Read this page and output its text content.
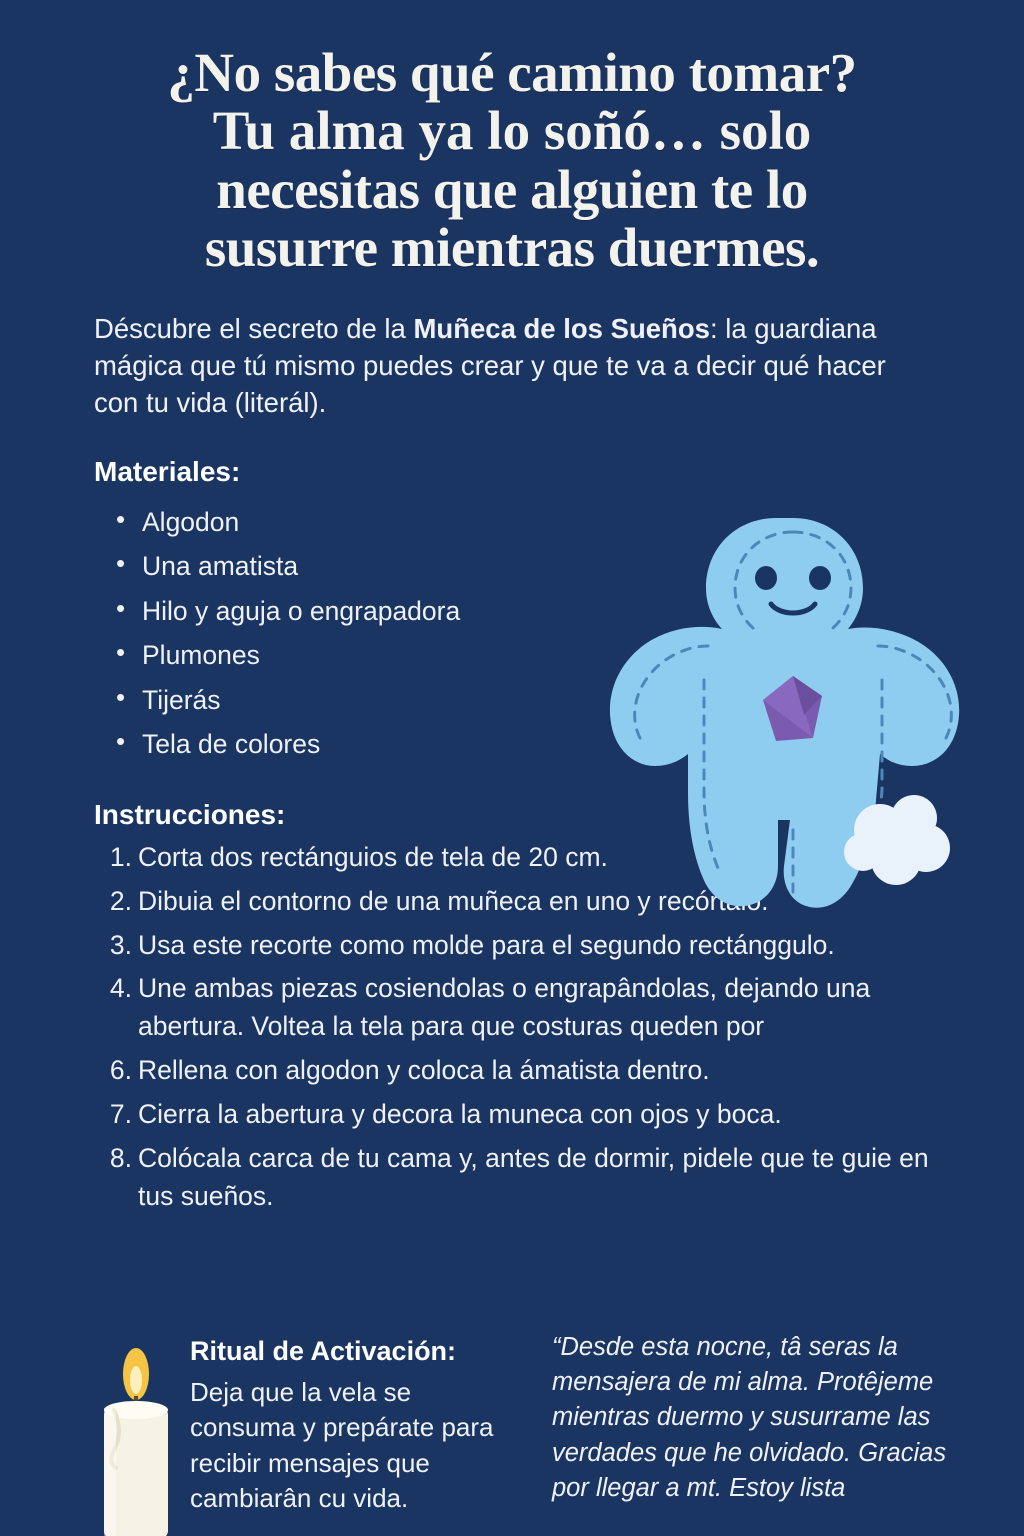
¿No sabes qué camino tomar?
Tu alma ya lo soñó… solo
necesitas que alguien te lo
susurre mientras duermes.

Déscubre el secreto de la Muñeca de los Sueños: la guardiana mágica que tú mismo puedes crear y que te va a decir qué hacer con tu vida (literál).

Materiales:
• Algodon
• Una amatista
• Hilo y aguja o engrapadora
• Plumones
• Tijerás
• Tela de colores
Instrucciones:
1. Corta dos rectánguios de tela de 20 cm.
2. Dibuia el contorno de una muñeca en uno y recórtalo.
3. Usa este recorte como molde para el segundo rectánggulo.
4. Une ambas piezas cosiendolas o engrapândolas, dejando una abertura. Voltea la tela para que costuras queden por
6. Rellena con algodon y coloca la ámatista dentro.
7. Cierra la abertura y decora la muneca con ojos y boca.
8. Colócala carca de tu cama y, antes de dormir, pidele que te guie en tus sueños.
Ritual de Activación:
Deja que la vela se consuma y prepárate para recibir mensajes que cambiarân cu vida.
“Desde esta nocne, tâ seras la mensajera de mi alma. Protêjeme mientras duermo y susurrame las verdades que he olvidado. Gracias por llegar a mt. Estoy lista
